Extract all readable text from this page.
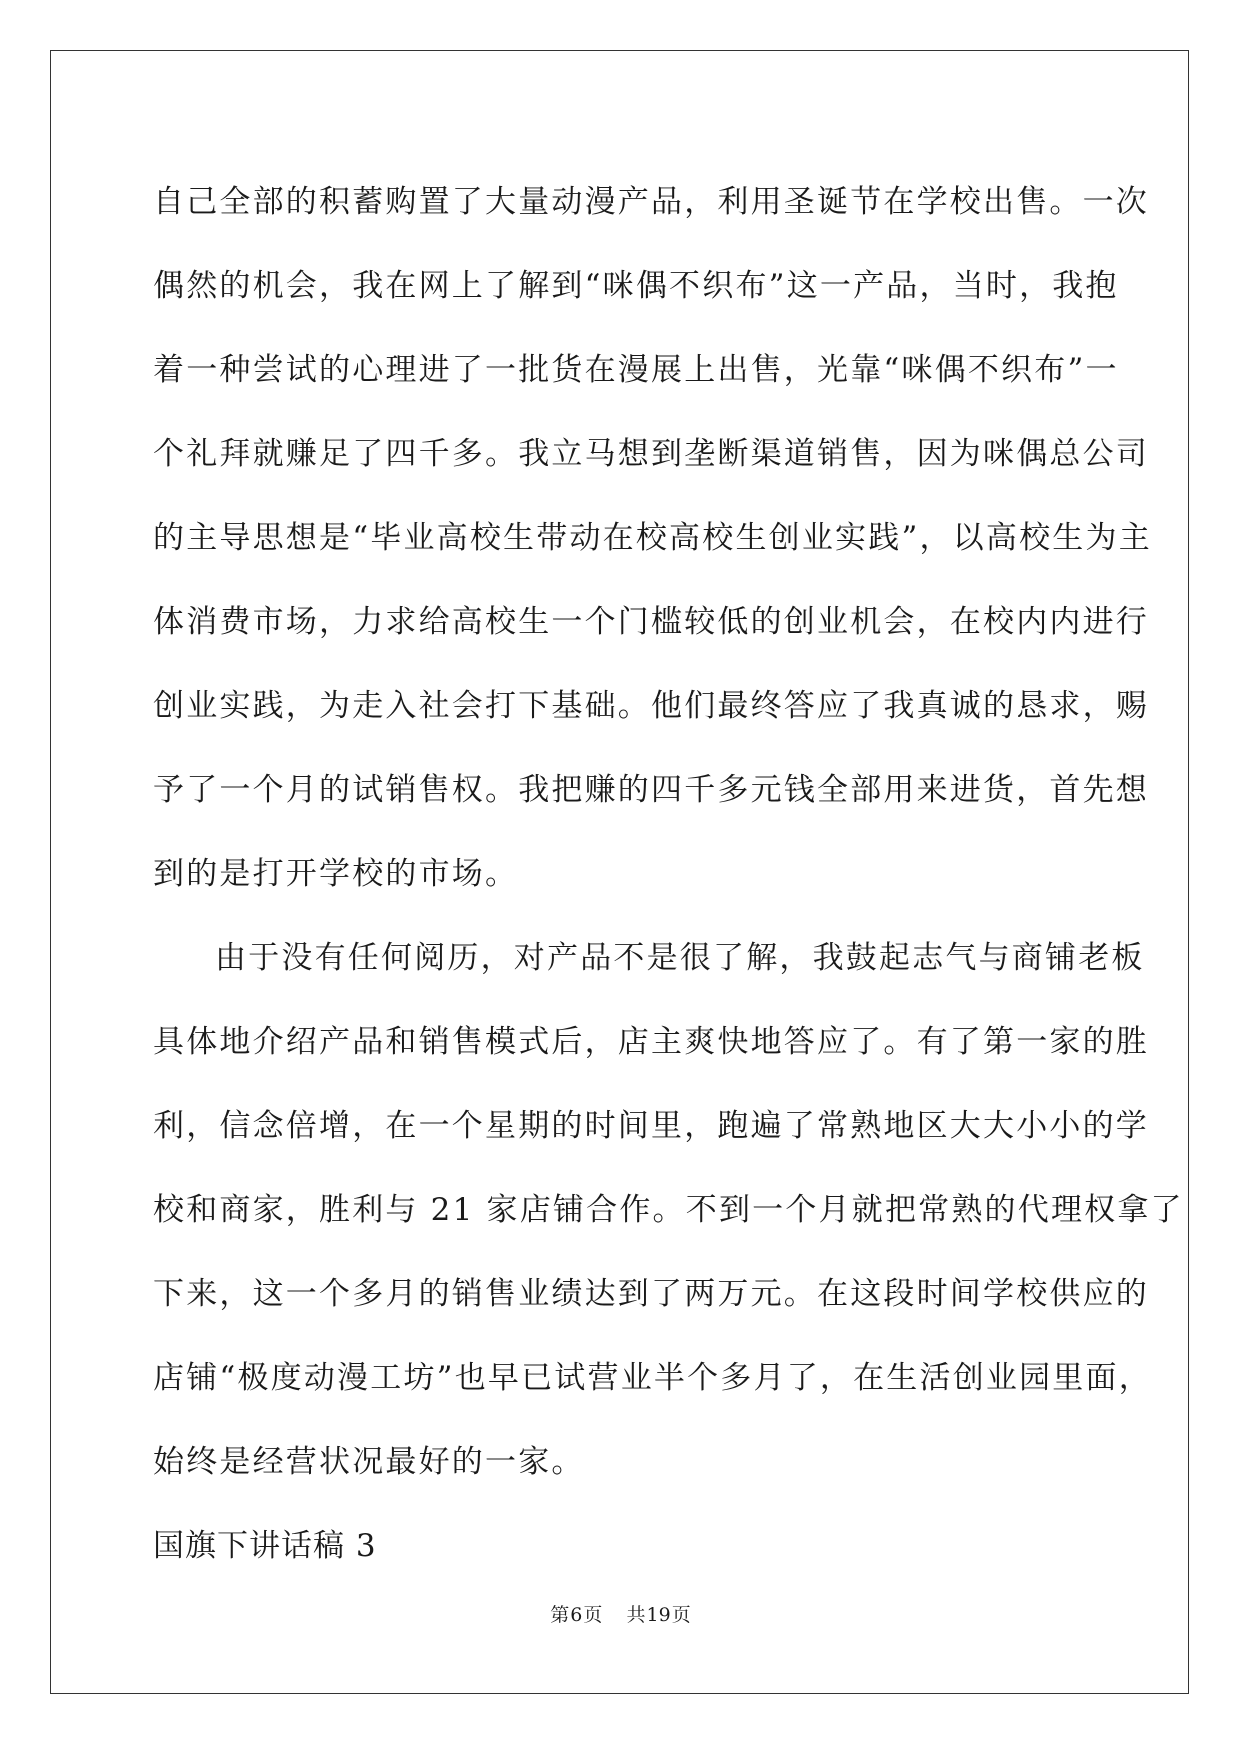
自己全部的积蓄购置了大量动漫产品，利用圣诞节在学校出售。一次
偶然的机会，我在网上了解到“咪偶不织布”这一产品，当时，我抱
着一种尝试的心理进了一批货在漫展上出售，光靠“咪偶不织布”一
个礼拜就赚足了四千多。我立马想到垄断渠道销售，因为咪偶总公司
的主导思想是“毕业高校生带动在校高校生创业实践”，以高校生为主
体消费市场，力求给高校生一个门槛较低的创业机会，在校内内进行
创业实践，为走入社会打下基础。他们最终答应了我真诚的恳求，赐
予了一个月的试销售权。我把赚的四千多元钱全部用来进货，首先想
到的是打开学校的市场。
由于没有任何阅历，对产品不是很了解，我鼓起志气与商铺老板
具体地介绍产品和销售模式后，店主爽快地答应了。有了第一家的胜
利，信念倍增，在一个星期的时间里，跑遍了常熟地区大大小小的学
校和商家，胜利与 21 家店铺合作。不到一个月就把常熟的代理权拿了
下来，这一个多月的销售业绩达到了两万元。在这段时间学校供应的
店铺“极度动漫工坊”也早已试营业半个多月了，在生活创业园里面，
始终是经营状况最好的一家。
国旗下讲话稿 3
第6页 共19页
